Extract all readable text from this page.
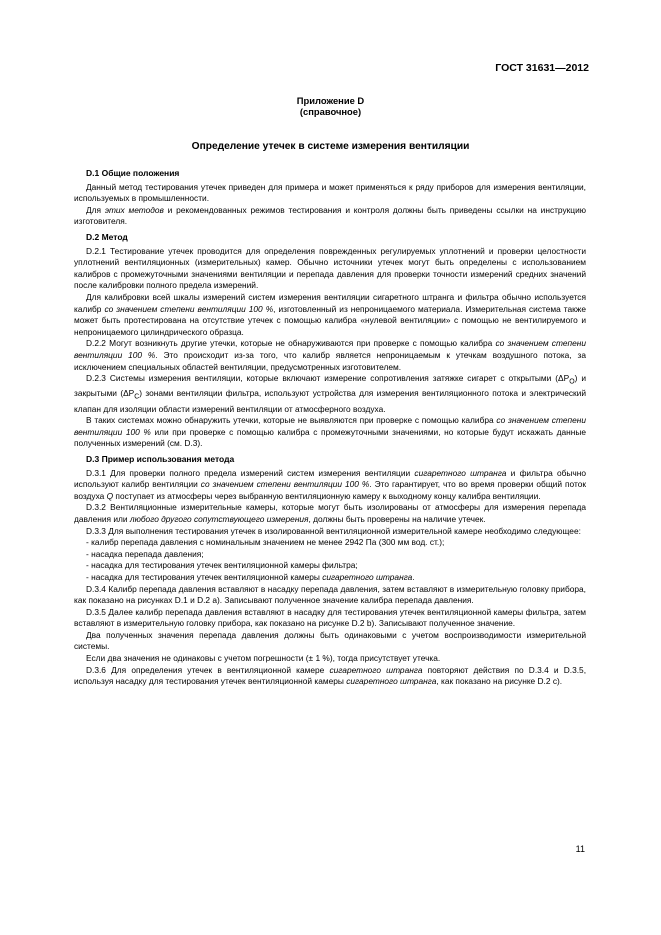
ГОСТ 31631—2012
Приложение D
(справочное)
Определение утечек в системе измерения вентиляции
D.1 Общие положения

Данный метод тестирования утечек приведен для примера и может применяться к ряду приборов для измерения вентиляции, используемых в промышленности.

Для этих методов и рекомендованных режимов тестирования и контроля должны быть приведены ссылки на инструкцию изготовителя.

D.2 Метод

D.2.1 Тестирование утечек проводится для определения поврежденных регулируемых уплотнений и проверки целостности уплотнений вентиляционных (измерительных) камер. Обычно источники утечек могут быть определены с использованием калибров с промежуточными значениями вентиляции и перепада давления для проверки точности измерений средних значений после калибровки полного предела измерений.

Для калибровки всей шкалы измерений систем измерения вентиляции сигаретного штранга и фильтра обычно используется калибр со значением степени вентиляции 100 %, изготовленный из непроницаемого материала. Измерительная система также может быть протестирована на отсутствие утечек с помощью калибра «нулевой вентиляции» с помощью не вентилируемого и непроницаемого цилиндрического образца.

D.2.2 Могут возникнуть другие утечки, которые не обнаруживаются при проверке с помощью калибра со значением степени вентиляции 100 %. Это происходит из-за того, что калибр является непроницаемым к утечкам воздушного потока, за исключением специальных областей вентиляции, предусмотренных изготовителем.

D.2.3 Системы измерения вентиляции, которые включают измерение сопротивления затяжке сигарет с открытыми $(\Delta P_O)$ и закрытыми $(\Delta P_C)$ зонами вентиляции фильтра, используют устройства для измерения вентиляционного потока и электрический клапан для изоляции области измерений вентиляции от атмосферного воздуха.

В таких системах можно обнаружить утечки, которые не выявляются при проверке с помощью калибра со значением степени вентиляции 100 % или при проверке с помощью калибра с промежуточными значениями, но которые будут искажать данные полученных измерений (см. D.3).

D.3 Пример использования метода

D.3.1 Для проверки полного предела измерений систем измерения вентиляции сигаретного штранга и фильтра обычно используют калибр вентиляции со значением степени вентиляции 100 %. Это гарантирует, что во время проверки общий поток воздуха Q поступает из атмосферы через выбранную вентиляционную камеру к выходному концу калибра вентиляции.

D.3.2 Вентиляционные измерительные камеры, которые могут быть изолированы от атмосферы для измерения перепада давления или любого другого сопутствующего измерения, должны быть проверены на наличие утечек.

D.3.3 Для выполнения тестирования утечек в изолированной вентиляционной измерительной камере необходимо следующее:

- калибр перепада давления с номинальным значением не менее 2942 Па (300 мм вод. ст.);

- насадка перепада давления;

- насадка для тестирования утечек вентиляционной камеры фильтра;

- насадка для тестирования утечек вентиляционной камеры сигаретного штранга.

D.3.4 Калибр перепада давления вставляют в насадку перепада давления, затем вставляют в измерительную головку прибора, как показано на рисунках D.1 и D.2 а). Записывают полученное значение калибра перепада давления.

D.3.5 Далее калибр перепада давления вставляют в насадку для тестирования утечек вентиляционной камеры фильтра, затем вставляют в измерительную головку прибора, как показано на рисунке D.2 b). Записывают полученное значение.

Два полученных значения перепада давления должны быть одинаковыми с учетом воспроизводимости измерительной системы.

Если два значения не одинаковы с учетом погрешности (± 1 %), тогда присутствует утечка.

D.3.6 Для определения утечек в вентиляционной камере сигаретного штранга повторяют действия по D.3.4 и D.3.5, используя насадку для тестирования утечек вентиляционной камеры сигаретного штранга, как показано на рисунке D.2 с).

11
